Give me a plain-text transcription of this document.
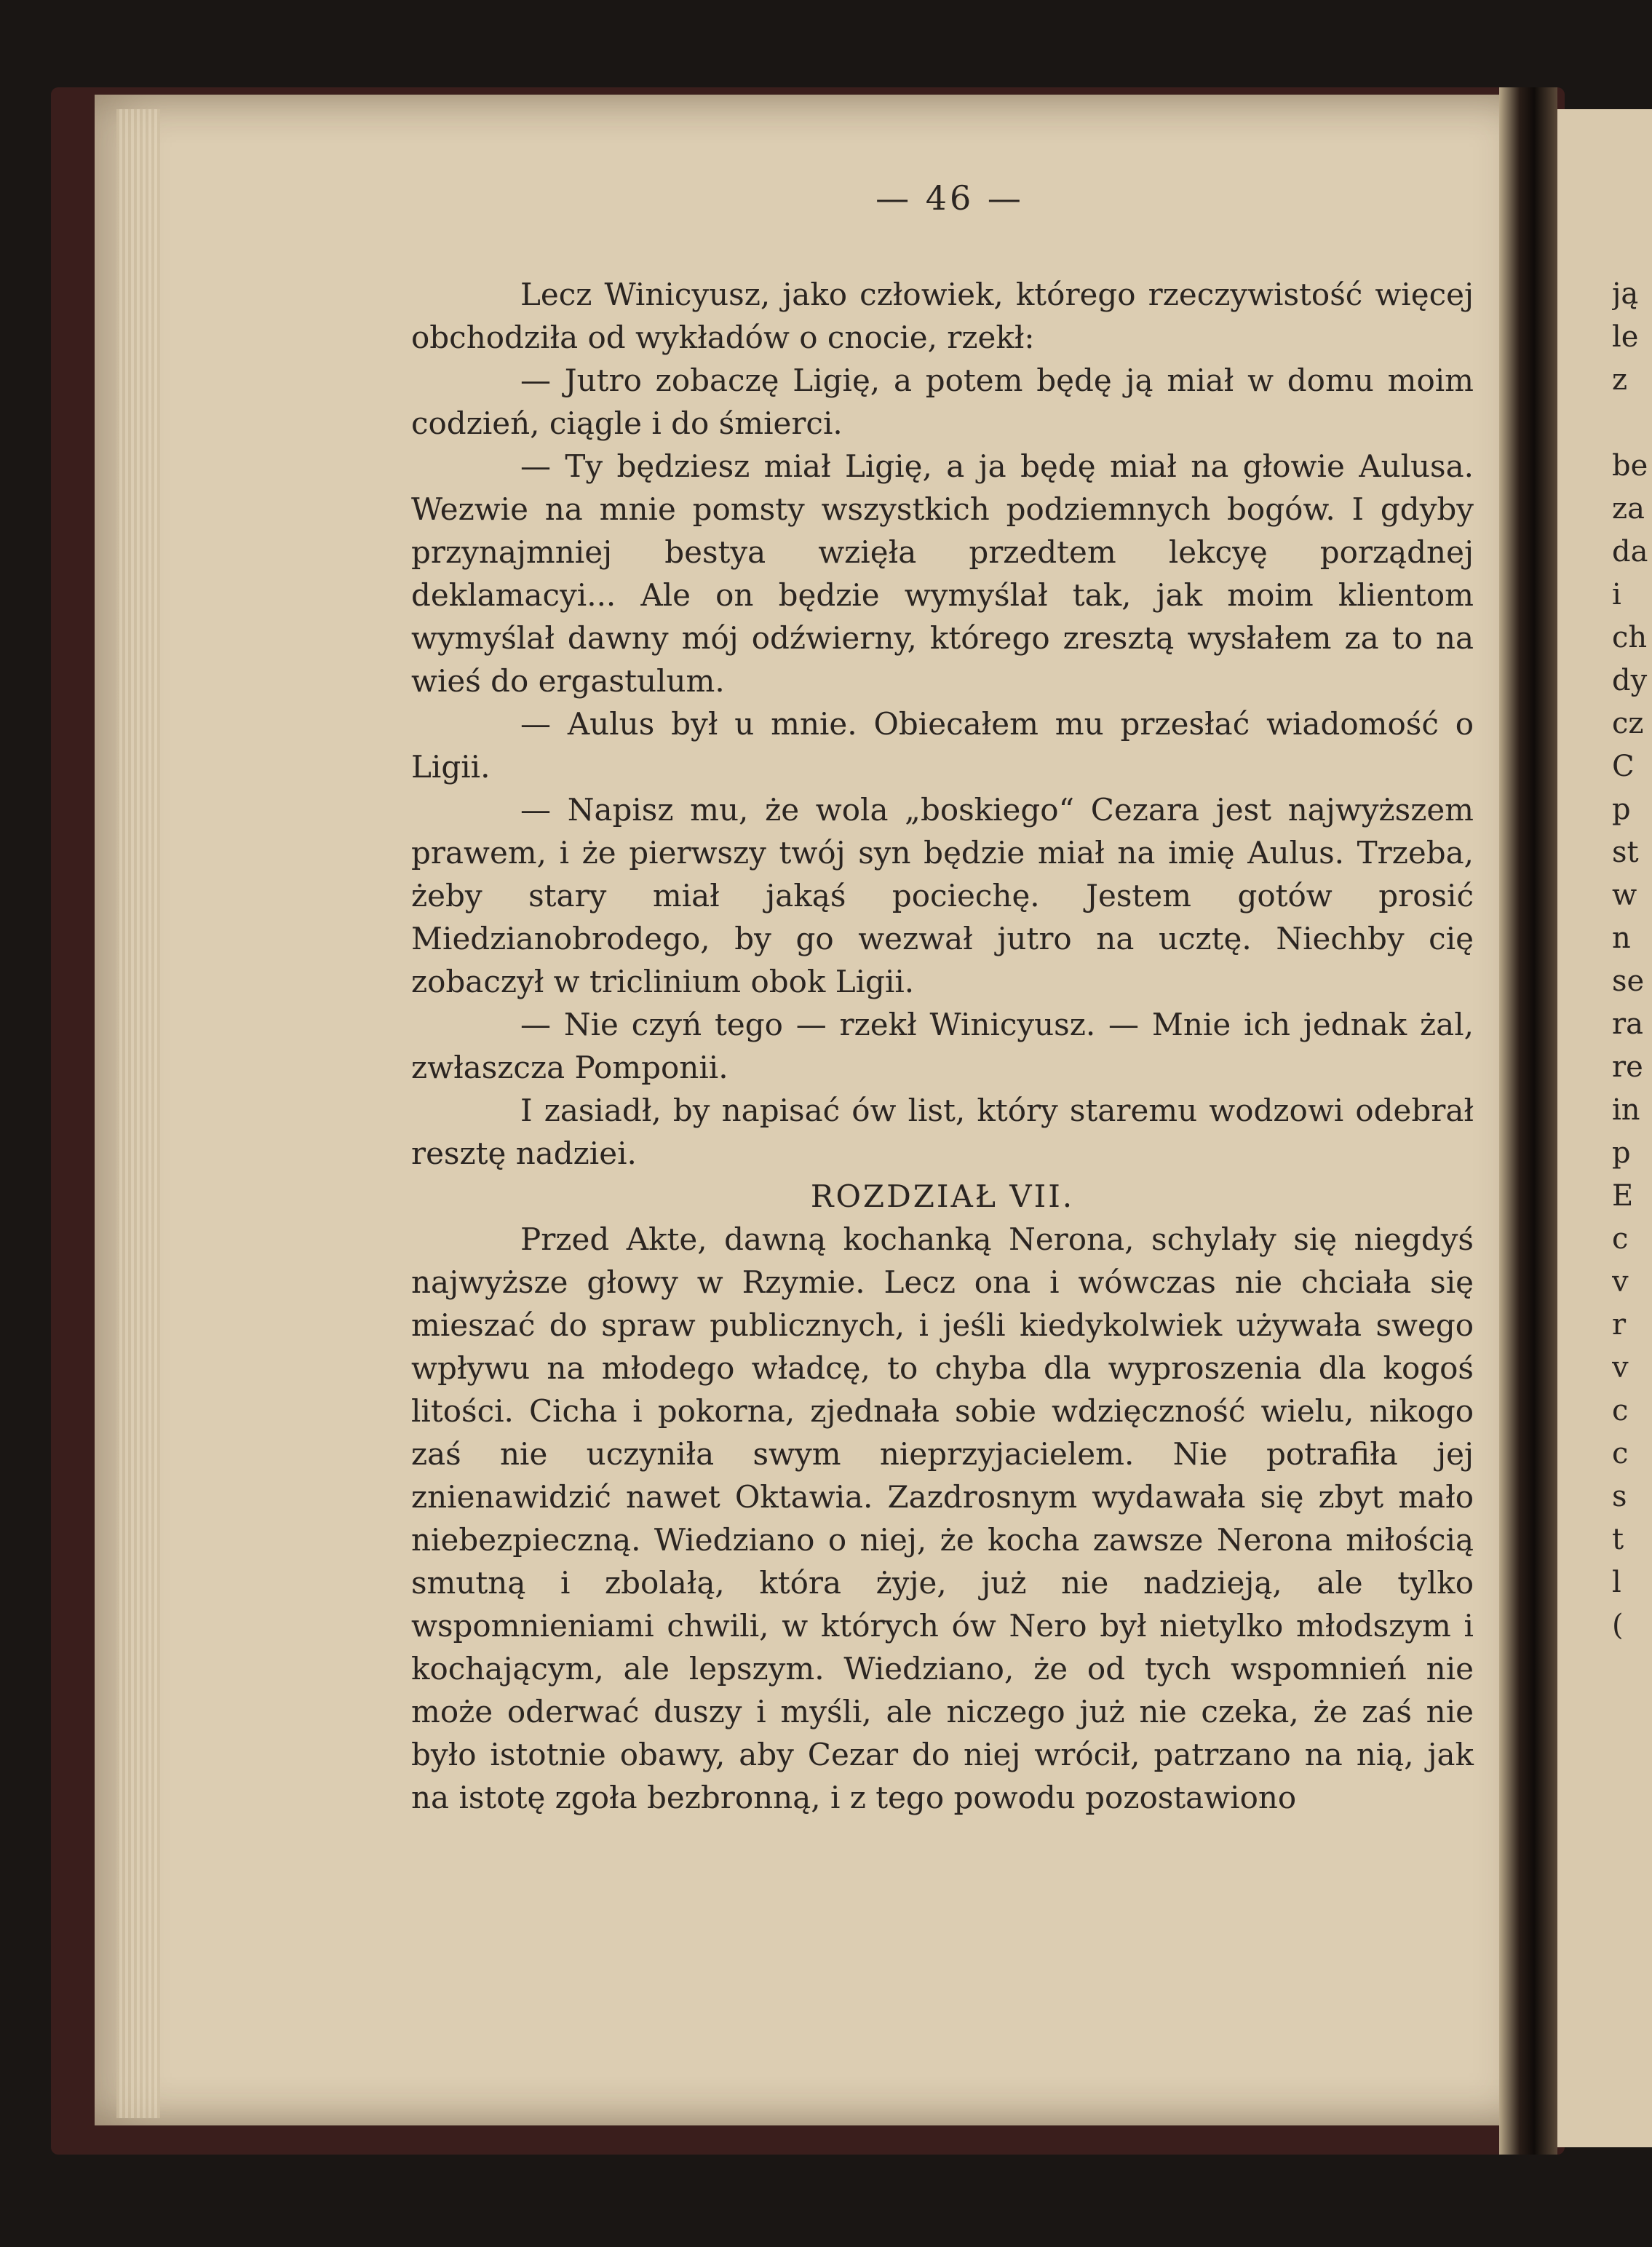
— 46 —

Lecz Winicyusz, jako człowiek, którego rzeczywistość więcej obchodziła od wykładów o cnocie, rzekł:

— Jutro zobaczę Ligię, a potem będę ją miał w domu moim codzień, ciągle i do śmierci.

— Ty będziesz miał Ligię, a ja będę miał na głowie Aulusa. Wezwie na mnie pomsty wszystkich podziemnych bogów. I gdyby przynajmniej bestya wzięła przedtem lekcyę porządnej deklamacyi... Ale on będzie wymyślał tak, jak moim klientom wymyślał dawny mój odźwierny, którego zresztą wysłałem za to na wieś do ergastulum.

— Aulus był u mnie. Obiecałem mu przesłać wiadomość o Ligii.

— Napisz mu, że wola „boskiego“ Cezara jest najwyższem prawem, i że pierwszy twój syn będzie miał na imię Aulus. Trzeba, żeby stary miał jakąś pociechę. Jestem gotów prosić Miedzianobrodego, by go wezwał jutro na ucztę. Niechby cię zobaczył w triclinium obok Ligii.

— Nie czyń tego — rzekł Winicyusz. — Mnie ich jednak żal, zwłaszcza Pomponii.

I zasiadł, by napisać ów list, który staremu wodzowi odebrał resztę nadziei.

ROZDZIAŁ VII.

Przed Akte, dawną kochanką Nerona, schylały się niegdyś najwyższe głowy w Rzymie. Lecz ona i wówczas nie chciała się mieszać do spraw publicznych, i jeśli kiedykolwiek używała swego wpływu na młodego władcę, to chyba dla wyproszenia dla kogoś litości. Cicha i pokorna, zjednała sobie wdzięczność wielu, nikogo zaś nie uczyniła swym nieprzyjacielem. Nie potrafiła jej znienawidzić nawet Oktawia. Zazdrosnym wydawała się zbyt mało niebezpieczną. Wiedziano o niej, że kocha zawsze Nerona miłością smutną i zbolałą, która żyje, już nie nadzieją, ale tylko wspomnieniami chwili, w których ów Nero był nietylko młodszym i kochającym, ale lepszym. Wiedziano, że od tych wspomnień nie może oderwać duszy i myśli, ale niczego już nie czeka, że zaś nie było istotnie obawy, aby Cezar do niej wrócił, patrzano na nią, jak na istotę zgoła bezbronną, i z tego powodu pozostawiono

ją
le
z
be
za
da
i
ch
dy
cz
C
p
st
w
n
se
ra
re
in
p
E
c
v
r
v
c
c
s
t
l
(
